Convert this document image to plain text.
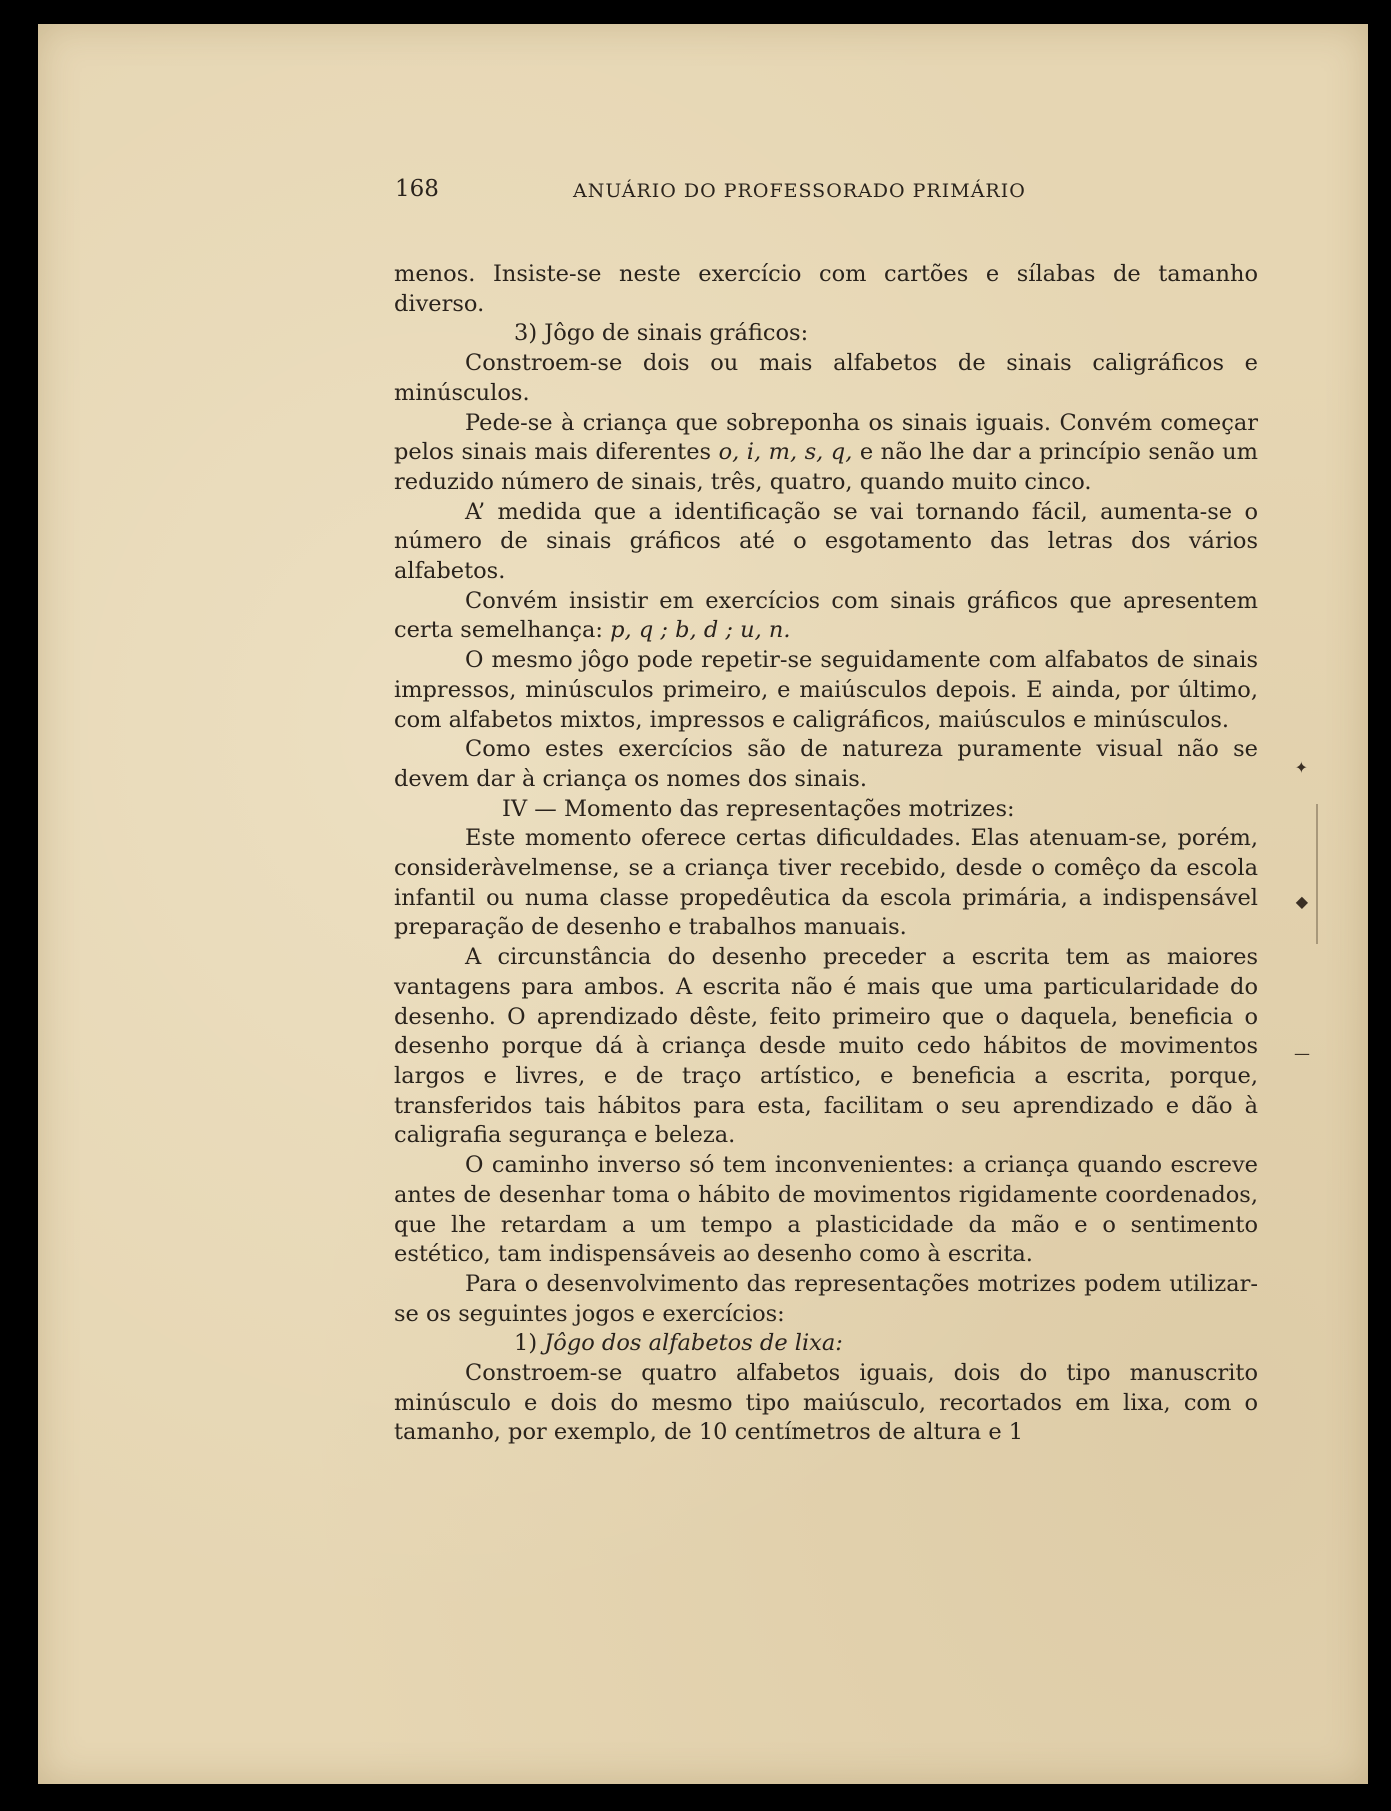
168	ANUÁRIO DO PROFESSORADO PRIMÁRIO

menos. Insiste-se neste exercício com cartões e sílabas de tamanho diverso.

3) Jôgo de sinais gráficos:

Constroem-se dois ou mais alfabetos de sinais caligráficos e minúsculos.

Pede-se à criança que sobreponha os sinais iguais. Convém começar pelos sinais mais diferentes o, i, m, s, q, e não lhe dar a princípio senão um reduzido número de sinais, três, quatro, quando muito cinco.

A’ medida que a identificação se vai tornando fácil, aumenta-se o número de sinais gráficos até o esgotamento das letras dos vários alfabetos.

Convém insistir em exercícios com sinais gráficos que apresentem certa semelhança: p, q ; b, d ; u, n.

O mesmo jôgo pode repetir-se seguidamente com alfabatos de sinais impressos, minúsculos primeiro, e maiúsculos depois. E ainda, por último, com alfabetos mixtos, impressos e caligráficos, maiúsculos e minúsculos.

Como estes exercícios são de natureza puramente visual não se devem dar à criança os nomes dos sinais.

IV — Momento das representações motrizes:

Este momento oferece certas dificuldades. Elas atenuam-se, porém, consideràvelmense, se a criança tiver recebido, desde o comêço da escola infantil ou numa classe propedêutica da escola primária, a indispensável preparação de desenho e trabalhos manuais.

A circunstância do desenho preceder a escrita tem as maiores vantagens para ambos. A escrita não é mais que uma particularidade do desenho. O aprendizado dêste, feito primeiro que o daquela, beneficia o desenho porque dá à criança desde muito cedo hábitos de movimentos largos e livres, e de traço artístico, e beneficia a escrita, porque, transferidos tais hábitos para esta, facilitam o seu aprendizado e dão à caligrafia segurança e beleza.

O caminho inverso só tem inconvenientes: a criança quando escreve antes de desenhar toma o hábito de movimentos rigidamente coordenados, que lhe retardam a um tempo a plasticidade da mão e o sentimento estético, tam indispensáveis ao desenho como à escrita.

Para o desenvolvimento das representações motrizes podem utilizar-se os seguintes jogos e exercícios:

1) Jôgo dos alfabetos de lixa:

Constroem-se quatro alfabetos iguais, dois do tipo manuscrito minúsculo e dois do mesmo tipo maiúsculo, recortados em lixa, com o tamanho, por exemplo, de 10 centímetros de altura e 1

✦
◆
—
